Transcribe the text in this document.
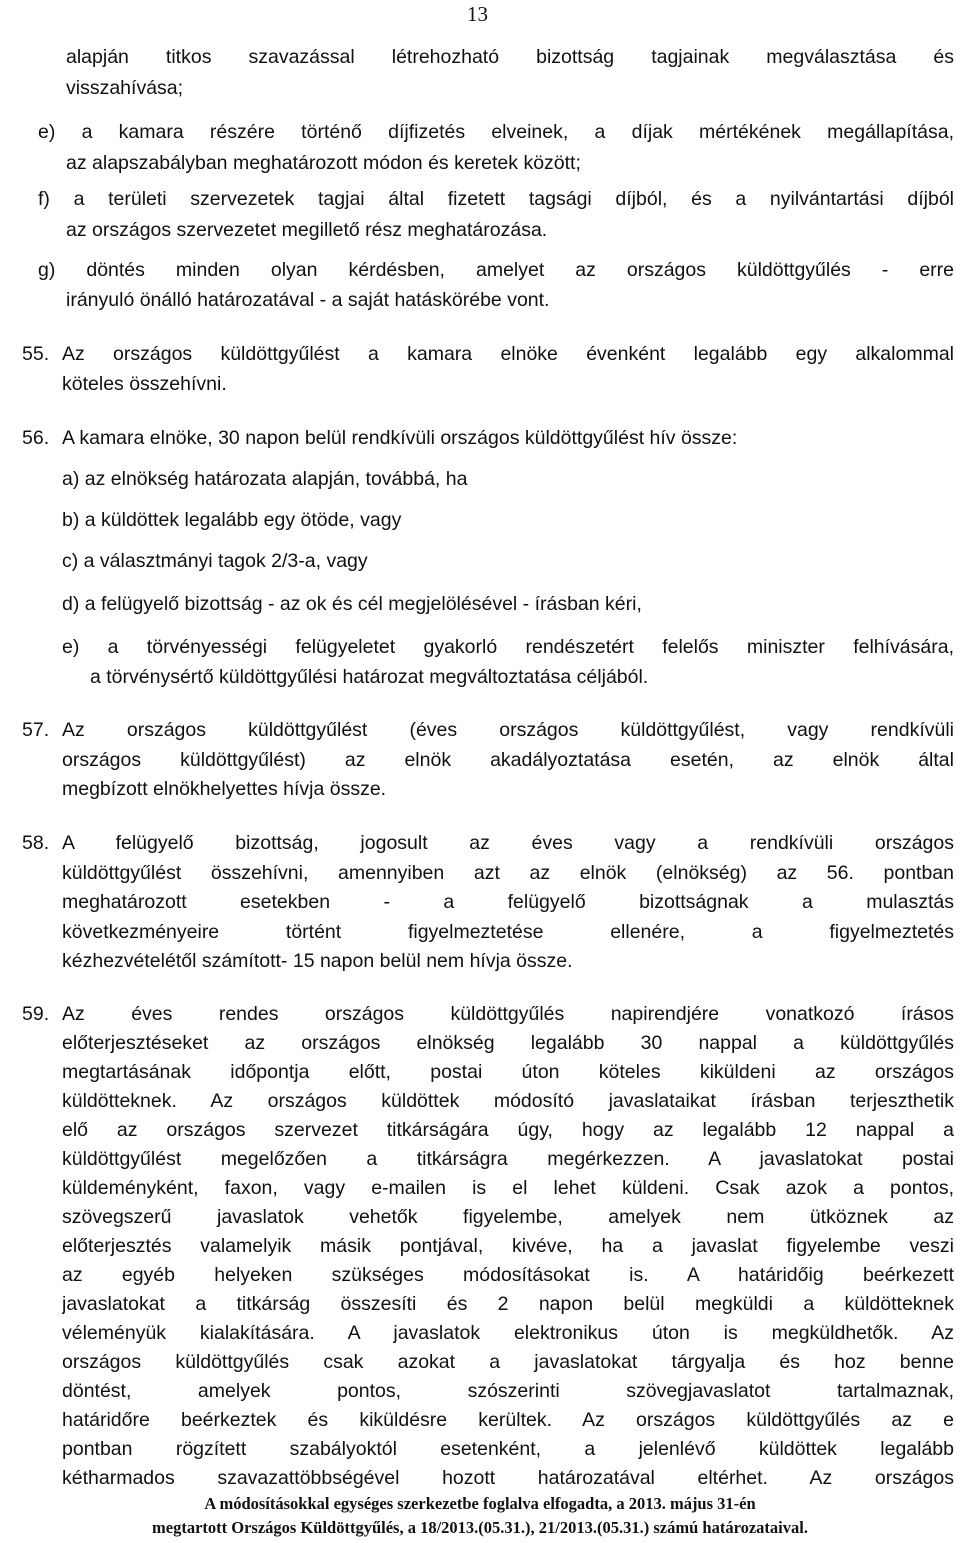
13
alapján titkos szavazással létrehozható bizottság tagjainak megválasztása és
visszahívása;
e) a kamara részére történő díjfizetés elveinek, a díjak mértékének megállapítása,
az alapszabályban meghatározott módon és keretek között;
f) a területi szervezetek tagjai által fizetett tagsági díjból, és a nyilvántartási díjból
az országos szervezetet megillető rész meghatározása.
g) döntés minden olyan kérdésben, amelyet az országos küldöttgyűlés - erre
irányuló önálló határozatával - a saját hatáskörébe vont.
55. Az országos küldöttgyűlést a kamara elnöke évenként legalább egy alkalommal
köteles összehívni.
56. A kamara elnöke, 30 napon belül rendkívüli országos küldöttgyűlést hív össze:
a) az elnökség határozata alapján, továbbá, ha
b) a küldöttek legalább egy ötöde, vagy
c) a választmányi tagok 2/3-a, vagy
d) a felügyelő bizottság - az ok és cél megjelölésével - írásban kéri,
e) a törvényességi felügyeletet gyakorló rendészetért felelős miniszter felhívására,
a törvénysértő küldöttgyűlési határozat megváltoztatása céljából.
57. Az országos küldöttgyűlést (éves országos küldöttgyűlést, vagy rendkívüli
országos küldöttgyűlést) az elnök akadályoztatása esetén, az elnök által
megbízott elnökhelyettes hívja össze.
58. A felügyelő bizottság, jogosult az éves vagy a rendkívüli országos
küldöttgyűlést összehívni, amennyiben azt az elnök (elnökség) az 56. pontban
meghatározott esetekben - a felügyelő bizottságnak a mulasztás
következményeire történt figyelmeztetése ellenére, a figyelmeztetés
kézhezvételétől számított- 15 napon belül nem hívja össze.
59. Az éves rendes országos küldöttgyűlés napirendjére vonatkozó írásos
előterjesztéseket az országos elnökség legalább 30 nappal a küldöttgyűlés
megtartásának időpontja előtt, postai úton köteles kiküldeni az országos
küldötteknek. Az országos küldöttek módosító javaslataikat írásban terjeszthetik
elő az országos szervezet titkárságára úgy, hogy az legalább 12 nappal a
küldöttgyűlést megelőzően a titkárságra megérkezzen. A javaslatokat postai
küldeményként, faxon, vagy e-mailen is el lehet küldeni. Csak azok a pontos,
szövegszerű javaslatok vehetők figyelembe, amelyek nem ütköznek az
előterjesztés valamelyik másik pontjával, kivéve, ha a javaslat figyelembe veszi
az egyéb helyeken szükséges módosításokat is. A határidőig beérkezett
javaslatokat a titkárság összesíti és 2 napon belül megküldi a küldötteknek
véleményük kialakítására. A javaslatok elektronikus úton is megküldhetők. Az
országos küldöttgyűlés csak azokat a javaslatokat tárgyalja és hoz benne
döntést, amelyek pontos, szószerinti szövegjavaslatot tartalmaznak,
határidőre beérkeztek és kiküldésre kerültek. Az országos küldöttgyűlés az e
pontban rögzített szabályoktól esetenként, a jelenlévő küldöttek legalább
kétharmados szavazattöbbségével hozott határozatával eltérhet. Az országos
A módosításokkal egységes szerkezetbe foglalva elfogadta, a 2013. május 31-én
megtartott Országos Küldöttgyűlés, a 18/2013.(05.31.), 21/2013.(05.31.) számú határozataival.
